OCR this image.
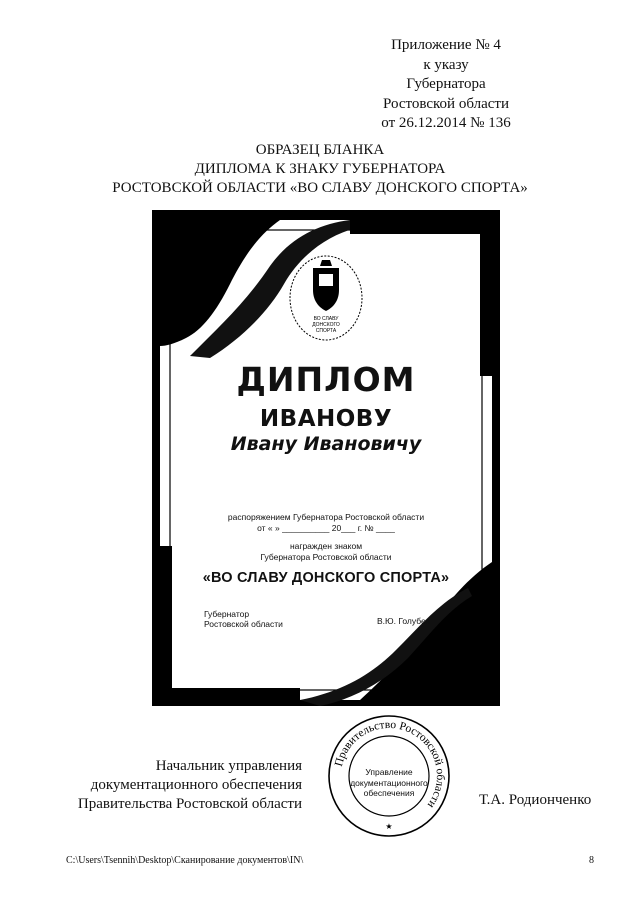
Приложение № 4
к указу
Губернатора
Ростовской области
от 26.12.2014 № 136
ОБРАЗЕЦ БЛАНКА
ДИПЛОМА К ЗНАКУ ГУБЕРНАТОРА
РОСТОВСКОЙ ОБЛАСТИ «ВО СЛАВУ ДОНСКОГО СПОРТА»
ВО СЛАВУ
ДОНСКОГО
СПОРТА
ДИПЛОМ
ИВАНОВУ
Ивану Ивановичу
распоряжением Губернатора Ростовской области
от « » __________ 20___ г. № ____
награжден знаком
Губернатора Ростовской области
«ВО СЛАВУ ДОНСКОГО СПОРТА»
Губернатор
Ростовской области	В.Ю. Голубев
Начальник управления
документационного обеспечения
Правительства Ростовской области
Правительство Ростовской области
★
Управление
документационного
обеспечения	Т.А. Родионченко
C:\Users\Tsennih\Desktop\Сканирование документов\IN\	8
